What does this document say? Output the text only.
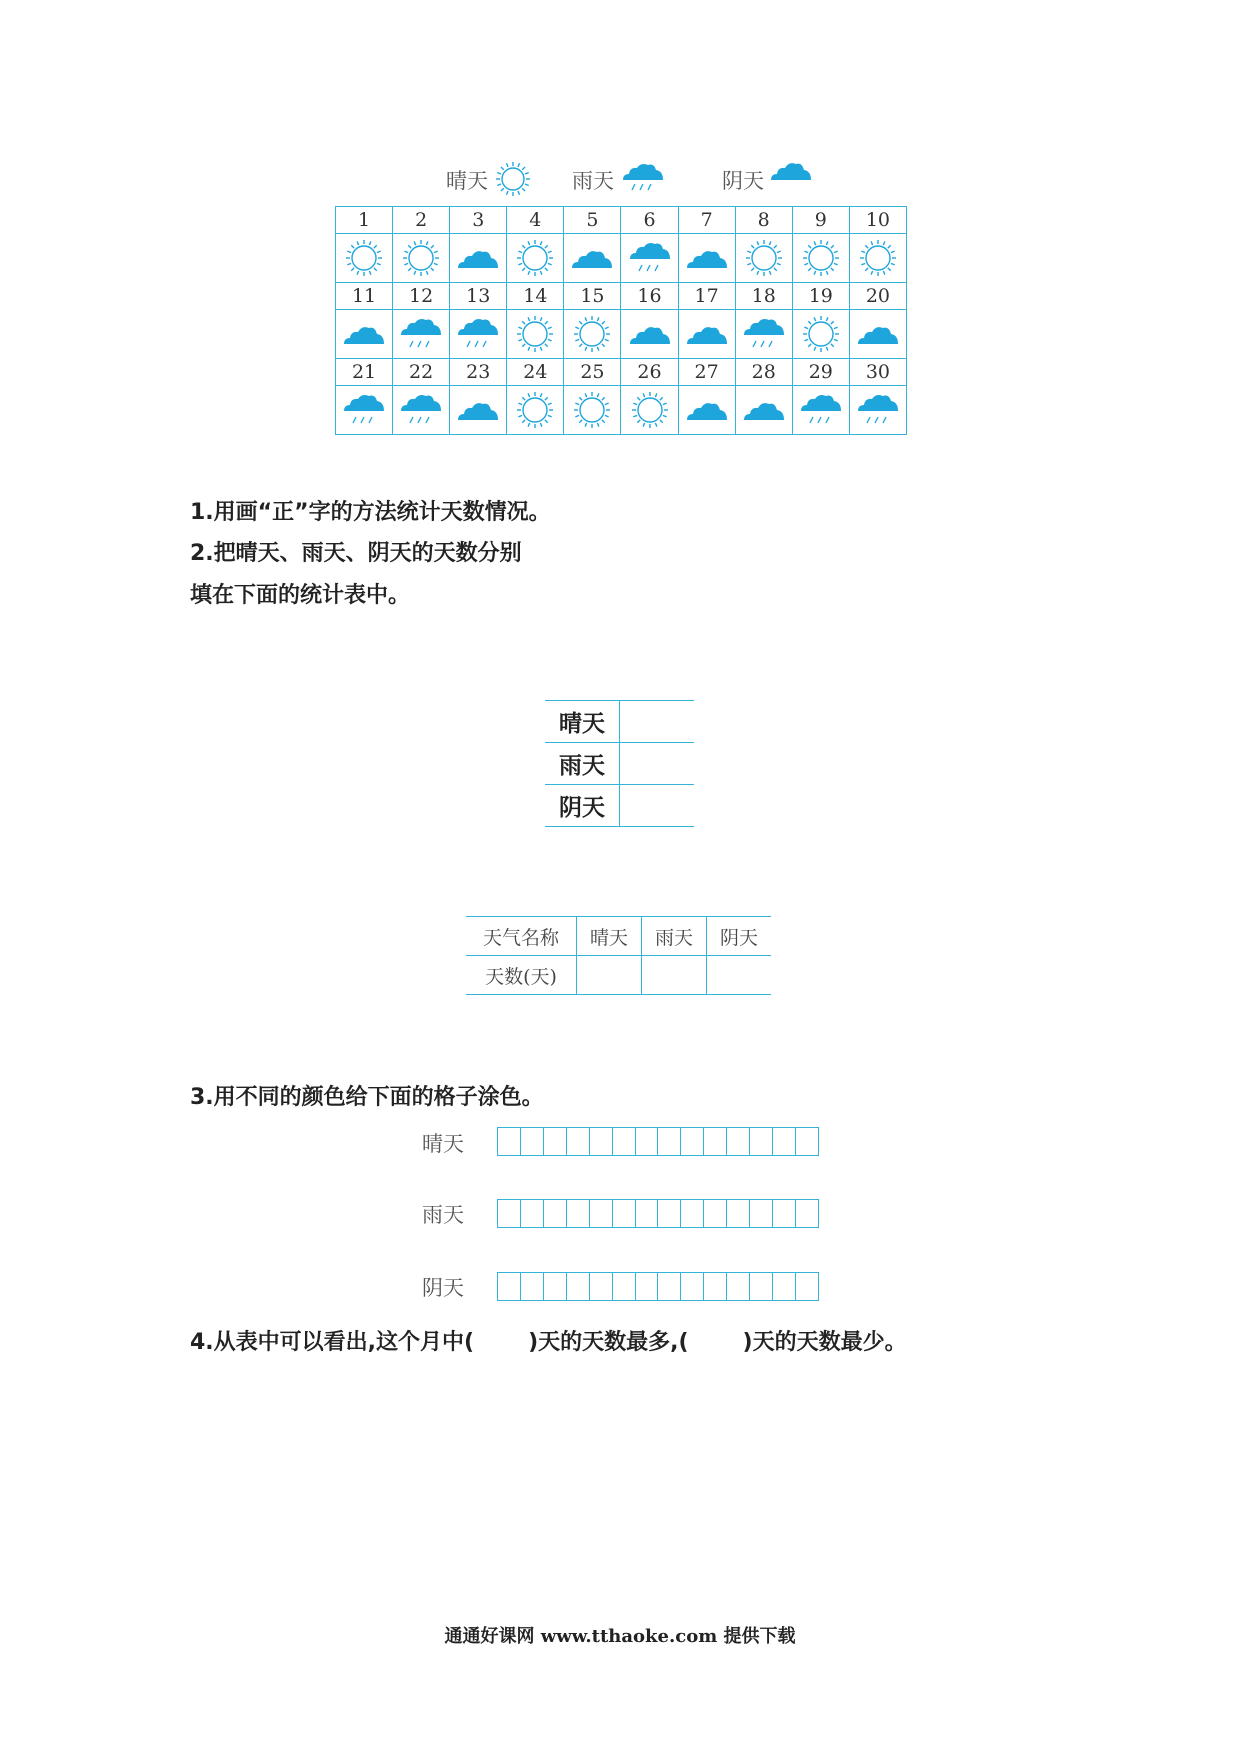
晴天	雨天	阴天
1	2	3	4	5	6	7	8	9	10

11	12	13	14	15	16	17	18	19	20

21	22	23	24	25	26	27	28	29	30

1.用画“正”字的方法统计天数情况。
2.把晴天、雨天、阴天的天数分别
填在下面的统计表中。
晴天	
雨天	
阴天	
天气名称	晴天	雨天	阴天
天数(天)			
3.用不同的颜色给下面的格子涂色。
晴天
雨天
阴天
4.从表中可以看出,这个月中( )天的天数最多,( )天的天数最少。
通通好课网 www.tthaoke.com 提供下载
